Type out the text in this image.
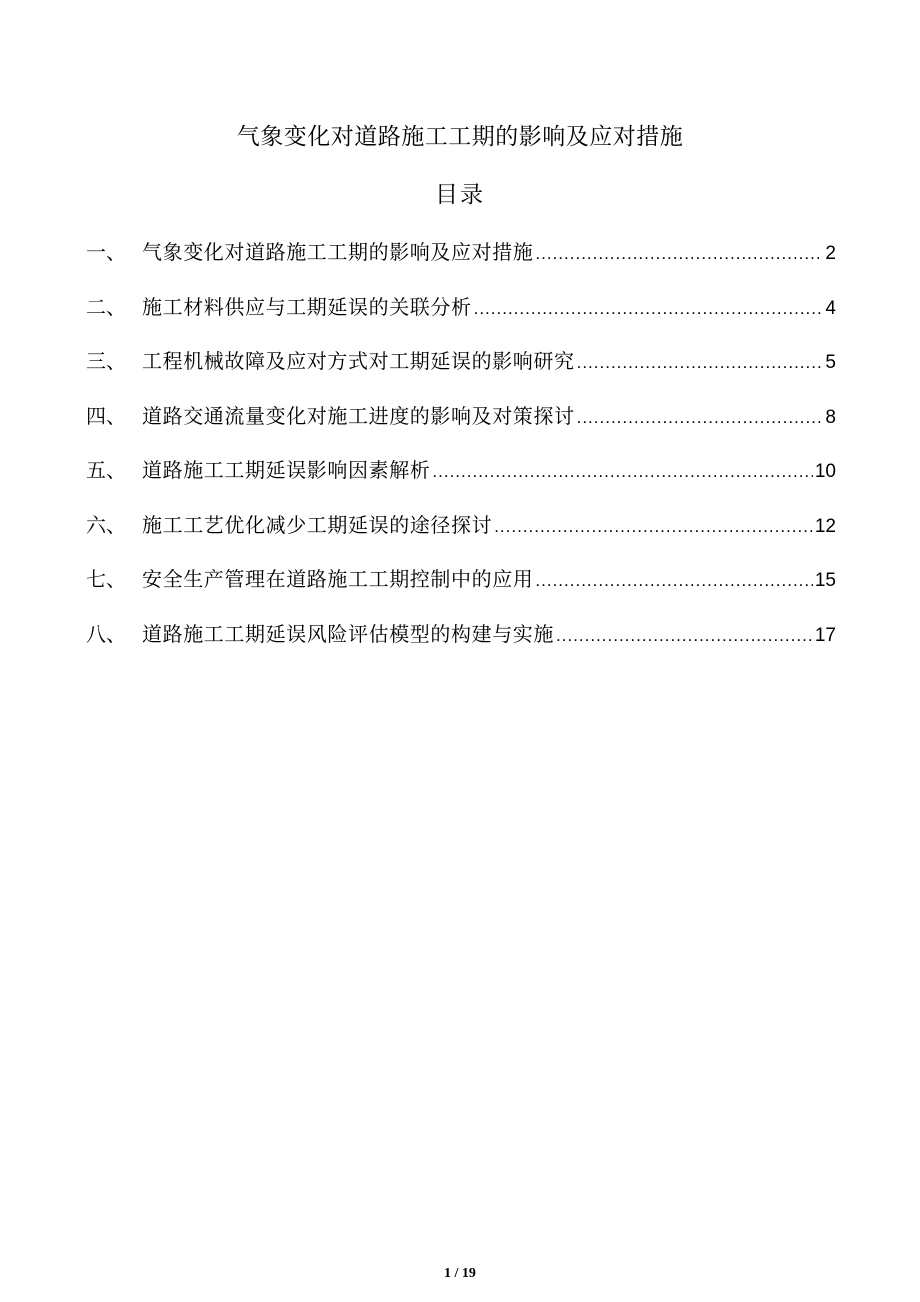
气象变化对道路施工工期的影响及应对措施
目录
一、 气象变化对道路施工工期的影响及应对措施 .....	2
二、 施工材料供应与工期延误的关联分析 .....	4
三、 工程机械故障及应对方式对工期延误的影响研究 .....	5
四、 道路交通流量变化对施工进度的影响及对策探讨 .....	8
五、 道路施工工期延误影响因素解析 .....	10
六、 施工工艺优化减少工期延误的途径探讨 .....	12
七、 安全生产管理在道路施工工期控制中的应用 .....	15
八、 道路施工工期延误风险评估模型的构建与实施 .....	17
1 / 19
